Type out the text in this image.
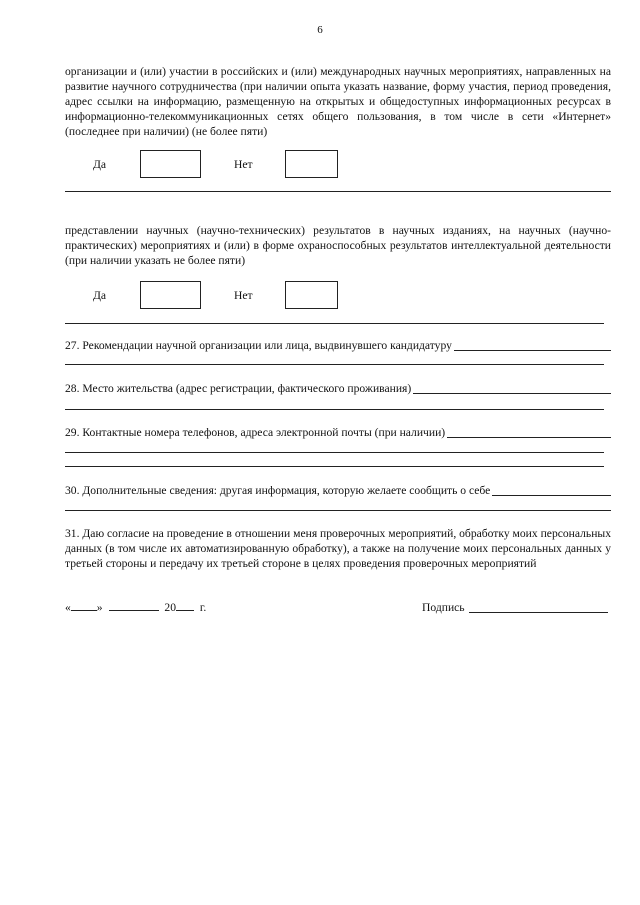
6

организации и (или) участии в российских и (или) международных научных мероприятиях, направленных на развитие научного сотрудничества (при наличии опыта указать название, форму участия, период проведения, адрес ссылки на информацию, размещенную на открытых и общедоступных информационных ресурсах в информационно-телекоммуникационных сетях общего пользования, в том числе в сети «Интернет» (последнее при наличии) (не более пяти)

Да	Нет

представлении научных (научно-технических) результатов в научных изданиях, на научных (научно-практических) мероприятиях и (или) в форме охраноспособных результатов интеллектуальной деятельности (при наличии указать не более пяти)

Да	Нет
27. Рекомендации научной организации или лица, выдвинувшего кандидатуру
28. Место жительства (адрес регистрации, фактического проживания)
29. Контактные номера телефонов, адреса электронной почты (при наличии)
30. Дополнительные сведения: другая информация, которую желаете сообщить о себе

31. Даю согласие на проведение в отношении меня проверочных мероприятий, обработку моих персональных данных (в том числе их автоматизированную обработку), а также на получение моих персональных данных у третьей стороны и передачу их третьей стороне в целях проведения проверочных мероприятий

« »	20 г.	Подпись
